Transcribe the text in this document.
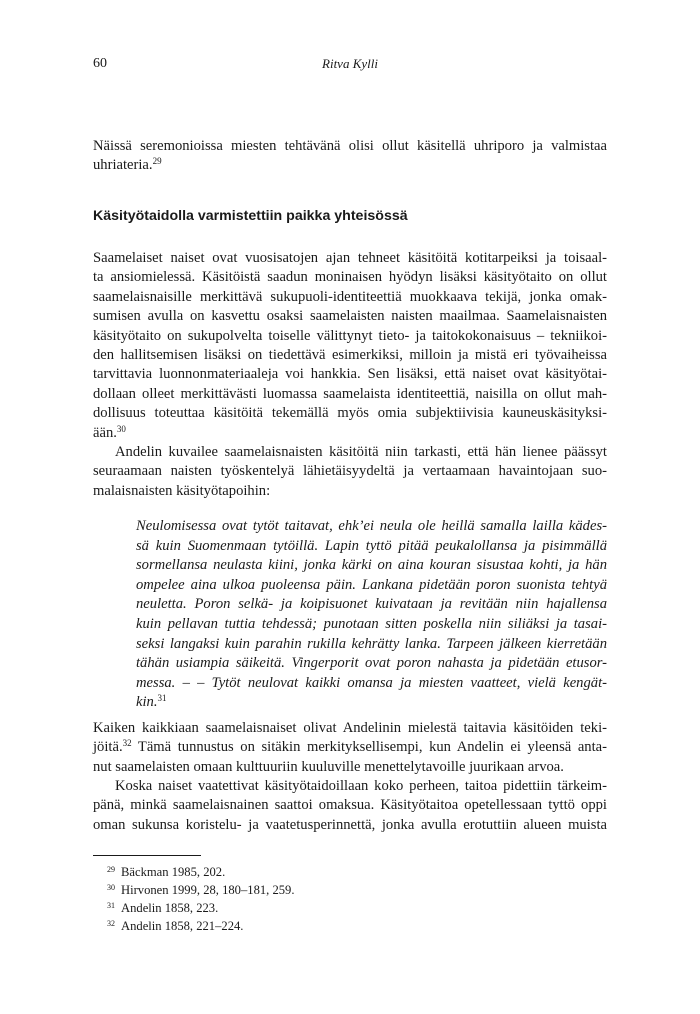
60	Ritva Kylli
Näissä seremonioissa miesten tehtävänä olisi ollut käsitellä uhriporo ja valmistaa
uhriateria.$^{29}$
Käsityötaidolla varmistettiin paikka yhteisössä
Saamelaiset naiset ovat vuosisatojen ajan tehneet käsitöitä kotitarpeiksi ja toisaal-
ta ansiomielessä. Käsitöistä saadun moninaisen hyödyn lisäksi käsityötaito on ollut
saamelaisnaisille merkittävä sukupuoli-identiteettiä muokkaava tekijä, jonka omak-
sumisen avulla on kasvettu osaksi saamelaisten naisten maailmaa. Saamelaisnaisten
käsityötaito on sukupolvelta toiselle välittynyt tieto- ja taitokokonaisuus – tekniikoi-
den hallitsemisen lisäksi on tiedettävä esimerkiksi, milloin ja mistä eri työvaiheissa
tarvittavia luonnonmateriaaleja voi hankkia. Sen lisäksi, että naiset ovat käsityötai-
dollaan olleet merkittävästi luomassa saamelaista identiteettiä, naisilla on ollut mah-
dollisuus toteuttaa käsitöitä tekemällä myös omia subjektiivisia kauneuskäsityksi-
ään.$^{30}$
Andelin kuvailee saamelaisnaisten käsitöitä niin tarkasti, että hän lienee päässyt
seuraamaan naisten työskentelyä lähietäisyydeltä ja vertaamaan havaintojaan suo-
malaisnaisten käsityötapoihin:
Neulomisessa ovat tytöt taitavat, ehk’ei neula ole heillä samalla lailla kädes-
sä kuin Suomenmaan tytöillä. Lapin tyttö pitää peukalollansa ja pisimmällä
sormellansa neulasta kiini, jonka kärki on aina kouran sisustaa kohti, ja hän
ompelee aina ulkoa puoleensa päin. Lankana pidetään poron suonista tehtyä
neuletta. Poron selkä- ja koipisuonet kuivataan ja revitään niin hajallensa
kuin pellavan tuttia tehdessä; punotaan sitten poskella niin siliäksi ja tasai-
seksi langaksi kuin parahin rukilla kehrätty lanka. Tarpeen jälkeen kierretään
tähän usiampia säikeitä. Vingerporit ovat poron nahasta ja pidetään etusor-
messa. – – Tytöt neulovat kaikki omansa ja miesten vaatteet, vielä kengät-
kin.$^{31}$
Kaiken kaikkiaan saamelaisnaiset olivat Andelinin mielestä taitavia käsitöiden teki-
jöitä.$^{32}$ Tämä tunnustus on sitäkin merkityksellisempi, kun Andelin ei yleensä anta-
nut saamelaisten omaan kulttuuriin kuuluville menettelytavoille juurikaan arvoa.
Koska naiset vaatettivat käsityötaidoillaan koko perheen, taitoa pidettiin tärkeim-
pänä, minkä saamelaisnainen saattoi omaksua. Käsityötaitoa opetellessaan tyttö oppi
oman sukunsa koristelu- ja vaatetusperinnettä, jonka avulla erotuttiin alueen muista
29 Bäckman 1985, 202.
30 Hirvonen 1999, 28, 180–181, 259.
31 Andelin 1858, 223.
32 Andelin 1858, 221–224.
